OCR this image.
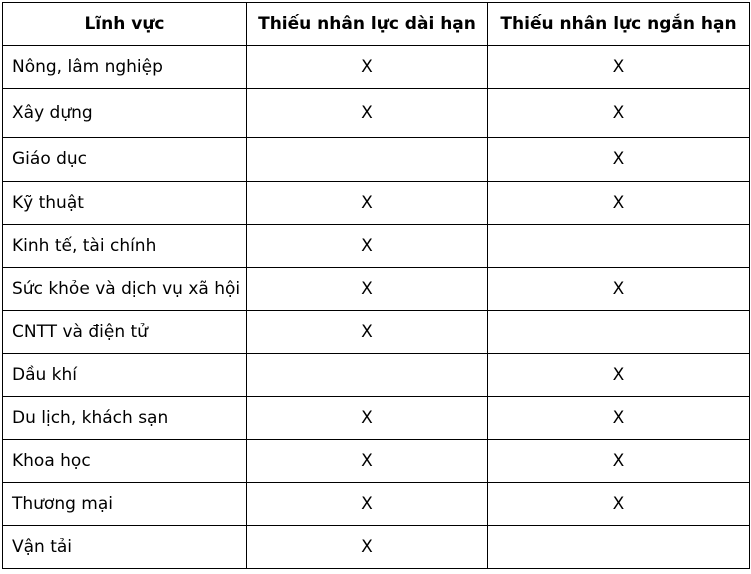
Lĩnh vực	Thiếu nhân lực dài hạn	Thiếu nhân lực ngắn hạn
Nông, lâm nghiệp	X	X
Xây dựng	X	X
Giáo dục		X
Kỹ thuật	X	X
Kinh tế, tài chính	X	
Sức khỏe và dịch vụ xã hội	X	X
CNTT và điện tử	X	
Dầu khí		X
Du lịch, khách sạn	X	X
Khoa học	X	X
Thương mại	X	X
Vận tải	X	
